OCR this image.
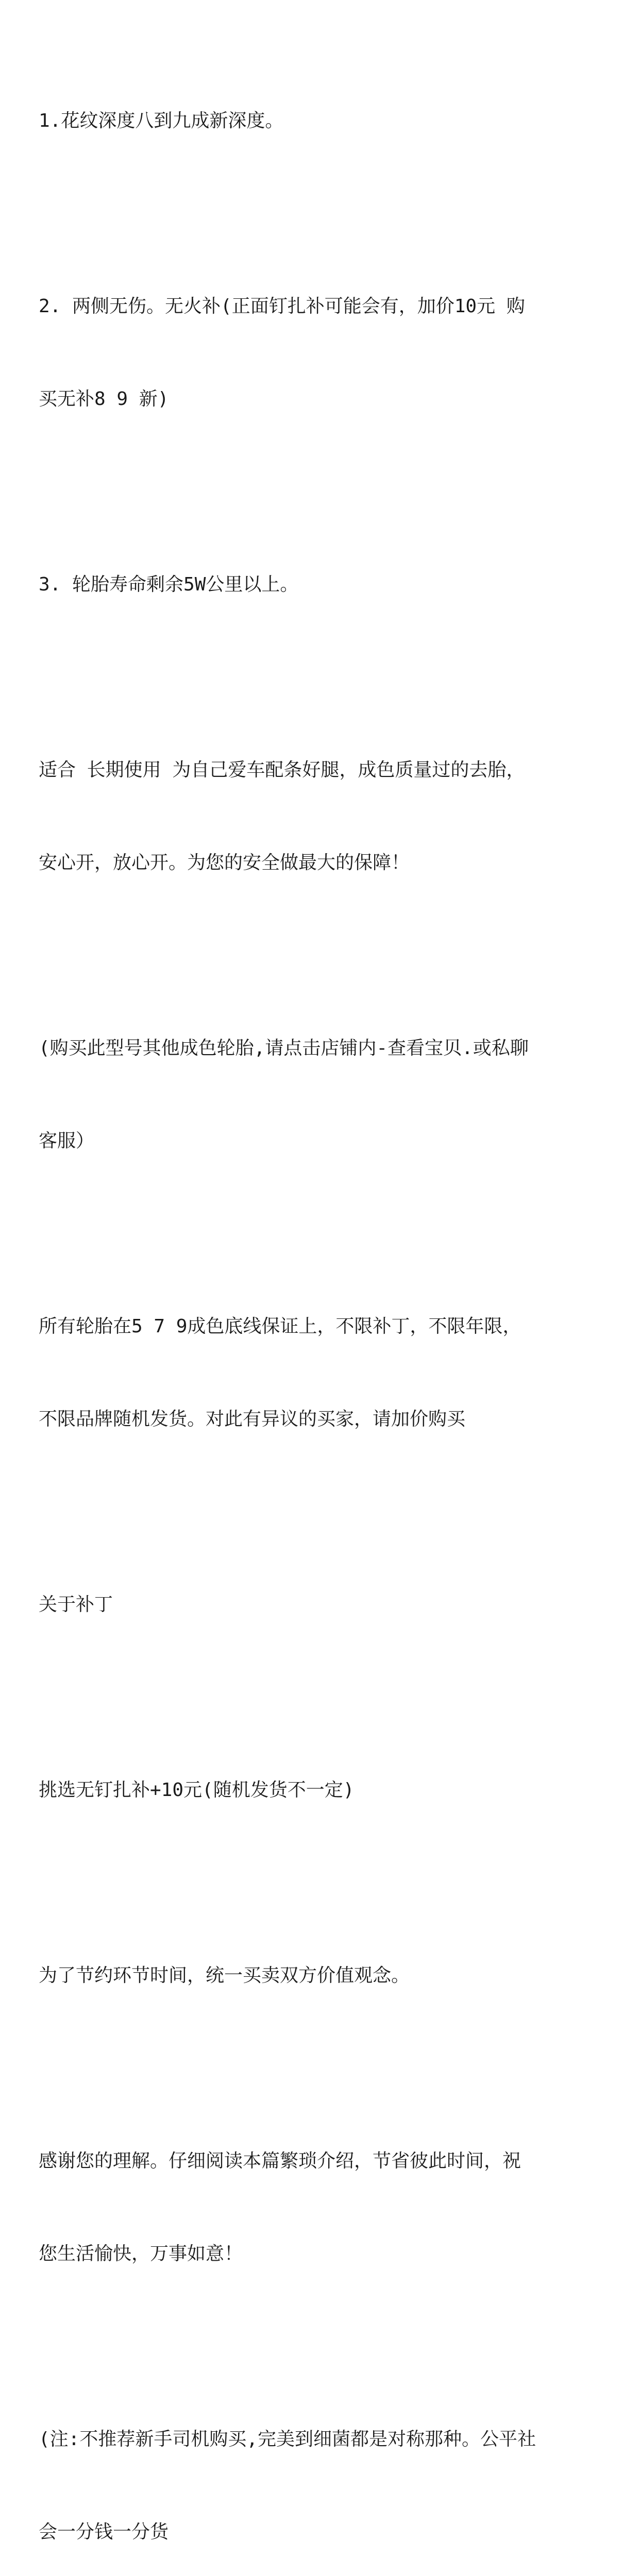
1.花纹深度八到九成新深度。

2. 两侧无伤。无火补(正面钉扎补可能会有，加价10元 购

买无补8 9 新)

3. 轮胎寿命剩余5W公里以上。

适合 长期使用 为自己爱车配条好腿，成色质量过的去胎，

安心开，放心开。为您的安全做最大的保障！

(购买此型号其他成色轮胎,请点击店铺内-查看宝贝.或私聊

客服）

所有轮胎在5 7 9成色底线保证上，不限补丁，不限年限，

不限品牌随机发货。对此有异议的买家，请加价购买

关于补丁

挑选无钉扎补+10元(随机发货不一定)

为了节约环节时间，统一买卖双方价值观念。

感谢您的理解。仔细阅读本篇繁琐介绍，节省彼此时间，祝

您生活愉快，万事如意！

(注:不推荐新手司机购买,完美到细菌都是对称那种。公平社

会一分钱一分货
